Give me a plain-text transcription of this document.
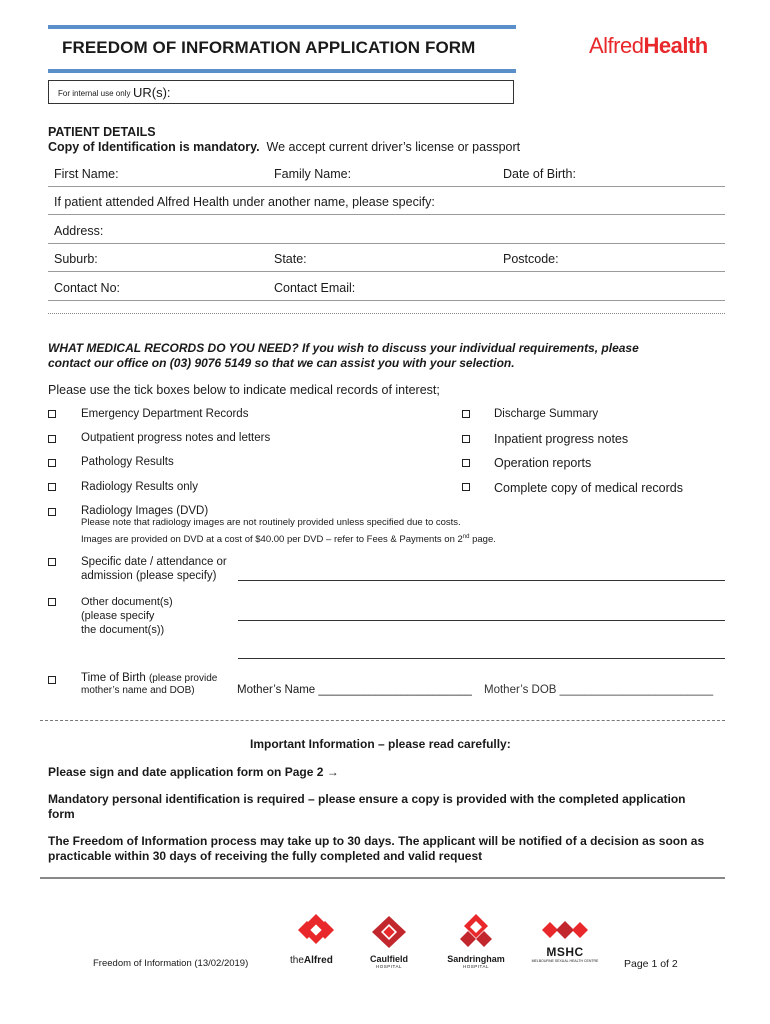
FREEDOM OF INFORMATION APPLICATION FORM	AlfredHealth
For internal use only UR(s):
PATIENT DETAILS
Copy of Identification is mandatory. We accept current driver’s license or passport
First Name:	Family Name:	Date of Birth:
If patient attended Alfred Health under another name, please specify:
Address:
Suburb:	State:	Postcode:
Contact No:	Contact Email:
WHAT MEDICAL RECORDS DO YOU NEED? If you wish to discuss your individual requirements, please
contact our office on (03) 9076 5149 so that we can assist you with your selection.
Please use the tick boxes below to indicate medical records of interest;
Emergency Department Records
Outpatient progress notes and letters
Pathology Results
Radiology Results only
Discharge Summary
Inpatient progress notes
Operation reports
Complete copy of medical records
Radiology Images (DVD)
Please note that radiology images are not routinely provided unless specified due to costs.
Images are provided on DVD at a cost of $40.00 per DVD – refer to Fees & Payments on 2nd page.
Specific date / attendance or
admission (please specify)
Other document(s)
(please specify
the document(s))
Time of Birth (please provide
mother’s name and DOB)	Mother’s Name ________________________ Mother’s DOB ________________________
Important Information – please read carefully:
Please sign and date application form on Page 2 →
Mandatory personal identification is required – please ensure a copy is provided with the completed application
form
The Freedom of Information process may take up to 30 days. The applicant will be notified of a decision as soon as
practicable within 30 days of receiving the fully completed and valid request
theAlfred	Caulfield
HOSPITAL
Sandringham
HOSPITAL
MSHC
MELBOURNE SEXUAL HEALTH CENTRE
Freedom of Information (13/02/2019)	Page 1 of 2
